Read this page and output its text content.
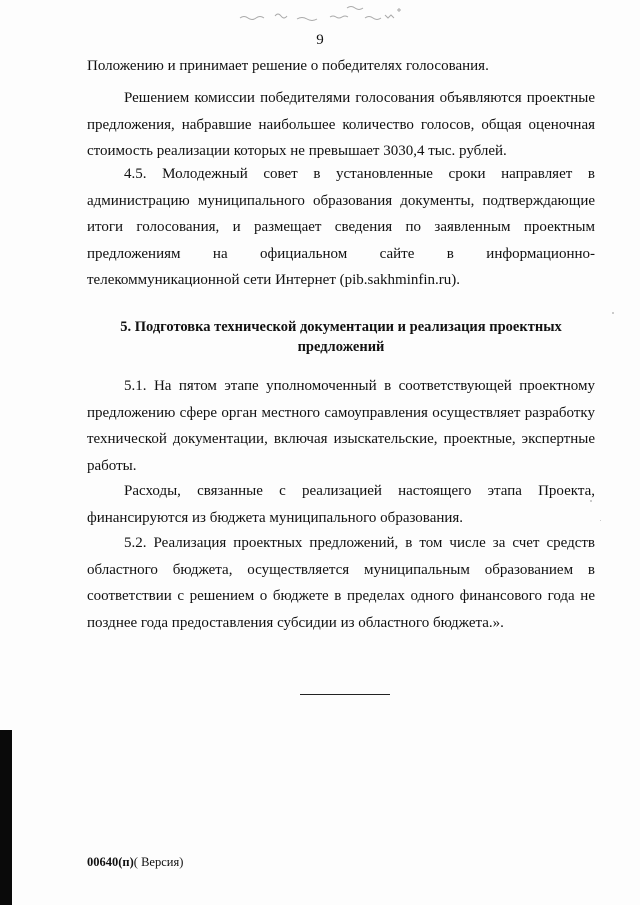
9

Положению и принимает решение о победителях голосования.

Решением комиссии победителями голосования объявляются проектные предложения, набравшие наибольшее количество голосов, общая оценочная стоимость реализации которых не превышает 3030,4 тыс. рублей.

4.5. Молодежный совет в установленные сроки направляет в администрацию муниципального образования документы, подтверждающие итоги голосования, и размещает сведения по заявленным проектным предложениям на официальном сайте в информационно-телекоммуникационной сети Интернет (pib.sakhminfin.ru).

5. Подготовка технической документации и реализация проектных предложений

5.1. На пятом этапе уполномоченный в соответствующей проектному предложению сфере орган местного самоуправления осуществляет разработку технической документации, включая изыскательские, проектные, экспертные работы.

Расходы, связанные с реализацией настоящего этапа Проекта, финансируются из бюджета муниципального образования.

5.2. Реализация проектных предложений, в том числе за счет средств областного бюджета, осуществляется муниципальным образованием в соответствии с решением о бюджете в пределах одного финансового года не позднее года предоставления субсидии из областного бюджета.».

00640(п)( Версия)
